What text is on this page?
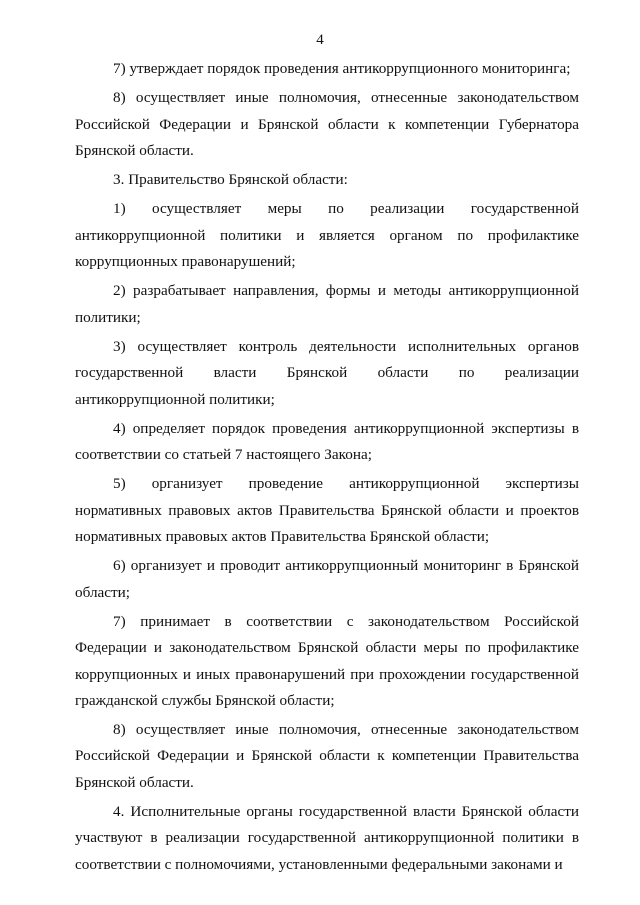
4

7) утверждает порядок проведения антикоррупционного мониторинга;

8) осуществляет иные полномочия, отнесенные законодательством Российской Федерации и Брянской области к компетенции Губернатора Брянской области.

3. Правительство Брянской области:

1) осуществляет меры по реализации государственной антикоррупционной политики и является органом по профилактике коррупционных правонарушений;

2) разрабатывает направления, формы и методы антикоррупционной политики;

3) осуществляет контроль деятельности исполнительных органов государственной власти Брянской области по реализации антикоррупционной политики;

4) определяет порядок проведения антикоррупционной экспертизы в соответствии со статьей 7 настоящего Закона;

5) организует проведение антикоррупционной экспертизы нормативных правовых актов Правительства Брянской области и проектов нормативных правовых актов Правительства Брянской области;

6) организует и проводит антикоррупционный мониторинг в Брянской области;

7) принимает в соответствии с законодательством Российской Федерации и законодательством Брянской области меры по профилактике коррупционных и иных правонарушений при прохождении государственной гражданской службы Брянской области;

8) осуществляет иные полномочия, отнесенные законодательством Российской Федерации и Брянской области к компетенции Правительства Брянской области.

4. Исполнительные органы государственной власти Брянской области участвуют в реализации государственной антикоррупционной политики в соответствии с полномочиями, установленными федеральными законами и
